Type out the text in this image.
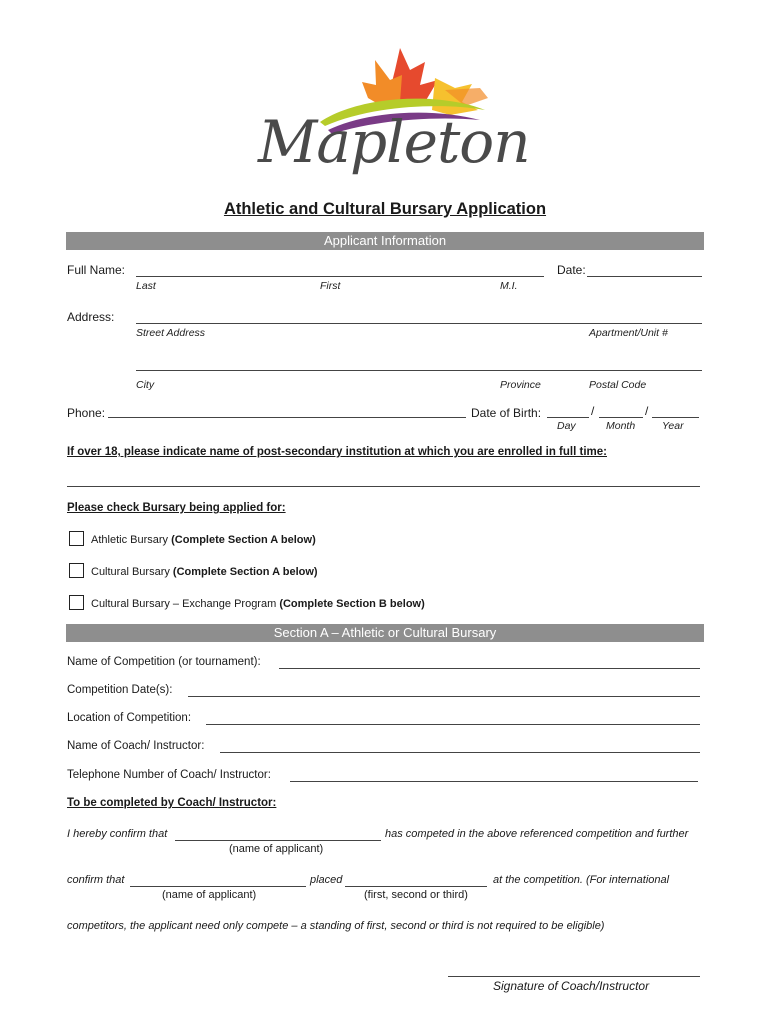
Mapleton
Athletic and Cultural Bursary Application
Applicant Information
Full Name:
Last	First	M.I.
Date:
Address:
Street Address	Apartment/Unit #
City	Province	Postal Code
Phone:	Date of Birth:	/	/
Day	Month	Year
If over 18, please indicate name of post-secondary institution at which you are enrolled in full time:
Please check Bursary being applied for:
Athletic Bursary (Complete Section A below)
Cultural Bursary (Complete Section A below)
Cultural Bursary – Exchange Program (Complete Section B below)
Section A – Athletic or Cultural Bursary
Name of Competition (or tournament):
Competition Date(s):
Location of Competition:
Name of Coach/ Instructor:
Telephone Number of Coach/ Instructor:
To be completed by Coach/ Instructor:
I hereby confirm that	has competed in the above referenced competition and further
(name of applicant)
confirm that	placed	at the competition. (For international
(name of applicant)	(first, second or third)
competitors, the applicant need only compete – a standing of first, second or third is not required to be eligible)
Signature of Coach/Instructor
